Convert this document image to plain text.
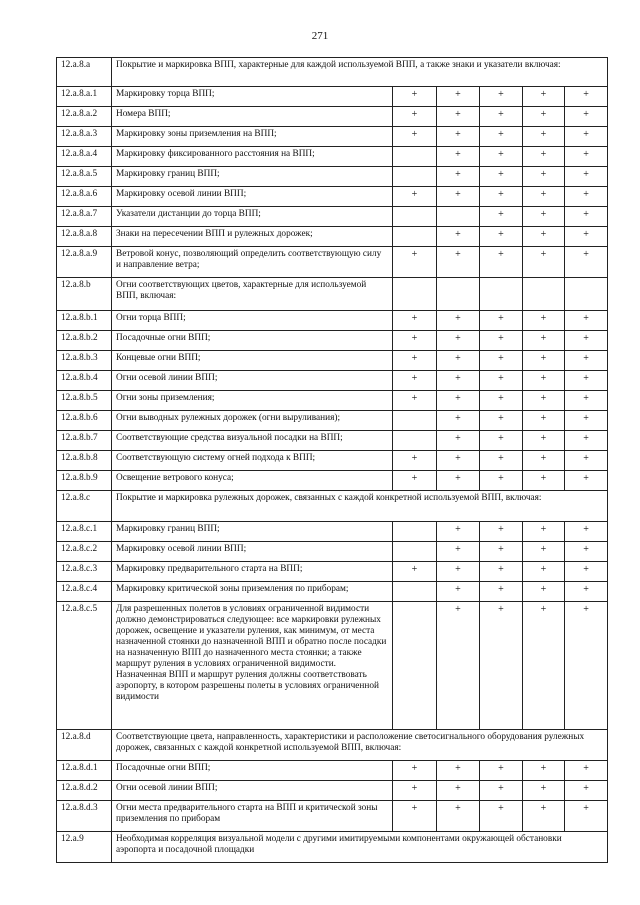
271
12.a.8.a	Покрытие и маркировка ВПП, характерные для каждой используемой ВПП, а также знаки и указатели включая:					
12.a.8.a.1	Маркировку торца ВПП;	+	+	+	+	+
12.a.8.a.2	Номера ВПП;	+	+	+	+	+
12.a.8.a.3	Маркировку зоны приземления на ВПП;	+	+	+	+	+
12.a.8.a.4	Маркировку фиксированного расстояния на ВПП;		+	+	+	+
12.a.8.a.5	Маркировку границ ВПП;		+	+	+	+
12.a.8.a.6	Маркировку осевой линии ВПП;	+	+	+	+	+
12.a.8.a.7	Указатели дистанции до торца ВПП;			+	+	+
12.a.8.a.8	Знаки на пересечении ВПП и рулежных дорожек;		+	+	+	+
12.a.8.a.9	Ветровой конус, позволяющий определить соответствующую силу и направление ветра;	+	+	+	+	+
12.a.8.b	Огни соответствующих цветов, характерные для используемой ВПП, включая:					
12.a.8.b.1	Огни торца ВПП;	+	+	+	+	+
12.a.8.b.2	Посадочные огни ВПП;	+	+	+	+	+
12.a.8.b.3	Концевые огни ВПП;	+	+	+	+	+
12.a.8.b.4	Огни осевой линии ВПП;	+	+	+	+	+
12.a.8.b.5	Огни зоны приземления;	+	+	+	+	+
12.a.8.b.6	Огни выводных рулежных дорожек (огни выруливания);		+	+	+	+
12.a.8.b.7	Соответствующие средства визуальной посадки на ВПП;		+	+	+	+
12.a.8.b.8	Соответствующую систему огней подхода к ВПП;	+	+	+	+	+
12.a.8.b.9	Освещение ветрового конуса;	+	+	+	+	+
12.a.8.c	Покрытие и маркировка рулежных дорожек, связанных с каждой конкретной используемой ВПП, включая:					
12.a.8.c.1	Маркировку границ ВПП;		+	+	+	+
12.a.8.c.2	Маркировку осевой линии ВПП;		+	+	+	+
12.a.8.c.3	Маркировку предварительного старта на ВПП;	+	+	+	+	+
12.a.8.c.4	Маркировку критической зоны приземления по приборам;		+	+	+	+
12.a.8.c.5	Для разрешенных полетов в условиях ограниченной видимости должно демонстрироваться следующее: все маркировки рулежных дорожек, освещение и указатели руления, как минимум, от места назначенной стоянки до назначенной ВПП и обратно после посадки на назначенную ВПП до назначенного места стоянки; а также маршрут руления в условиях ограниченной видимости. Назначенная ВПП и маршрут руления должны соответствовать аэропорту, в котором разрешены полеты в условиях ограниченной видимости		+	+	+	+
12.a.8.d	Соответствующие цвета, направленность, характеристики и расположение светосигнального оборудования рулежных дорожек, связанных с каждой конкретной используемой ВПП, включая:					
12.a.8.d.1	Посадочные огни ВПП;	+	+	+	+	+
12.a.8.d.2	Огни осевой линии ВПП;	+	+	+	+	+
12.a.8.d.3	Огни места предварительного старта на ВПП и критической зоны приземления по приборам	+	+	+	+	+
12.a.9	Необходимая корреляция визуальной модели с другими имитируемыми компонентами окружающей обстановки аэропорта и посадочной площадки					
